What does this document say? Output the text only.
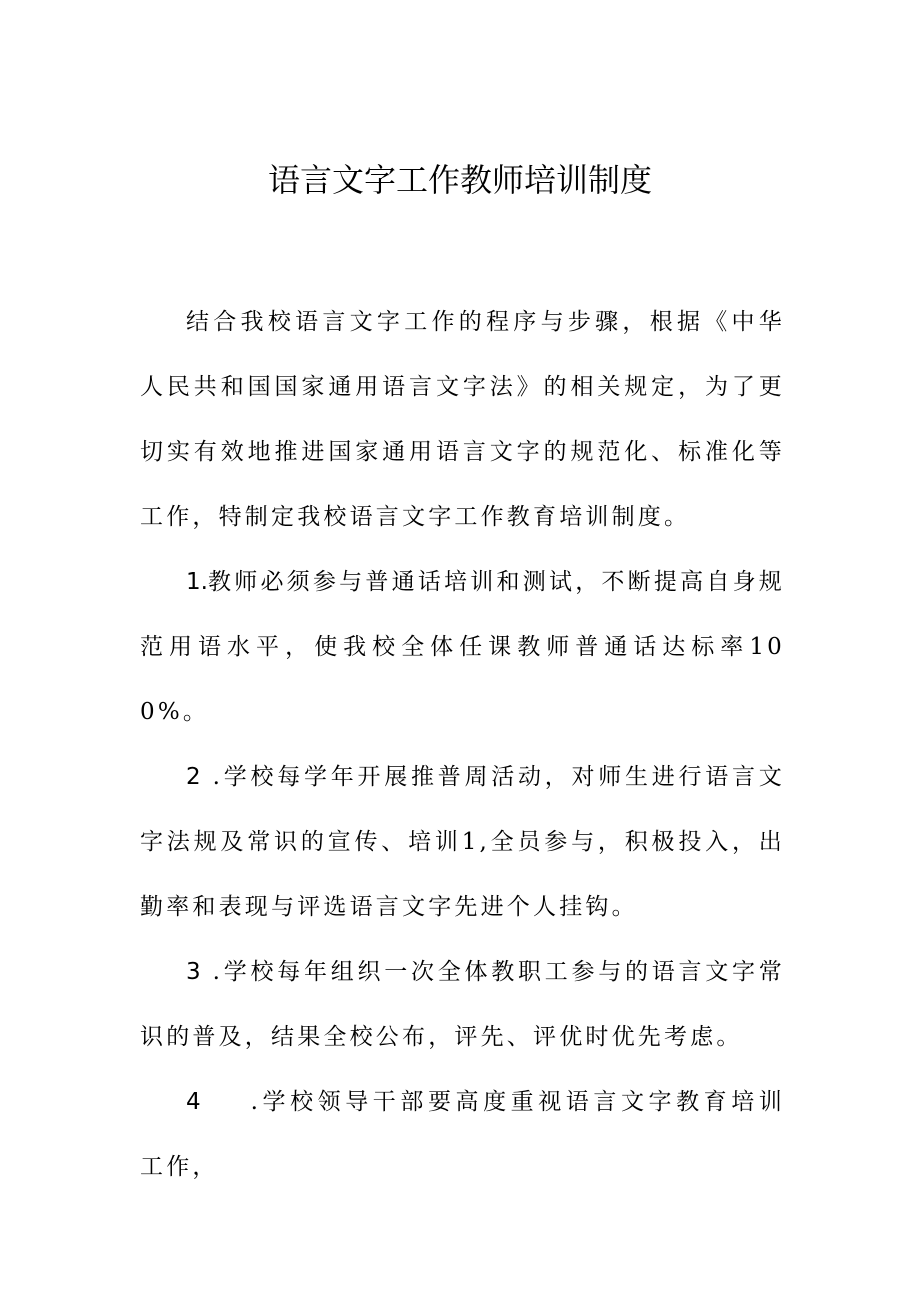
语言文字工作教师培训制度

结合我校语言文字工作的程序与步骤，根据《中华人民共和国国家通用语言文字法》的相关规定，为了更切实有效地推进国家通用语言文字的规范化、标准化等工作，特制定我校语言文字工作教育培训制度。

1.教师必须参与普通话培训和测试，不断提高自身规范用语水平，使我校全体任课教师普通话达标率100%。

2 .学校每学年开展推普周活动，对师生进行语言文字法规及常识的宣传、培训1,全员参与，积极投入，出勤率和表现与评选语言文字先进个人挂钩。

3 .学校每年组织一次全体教职工参与的语言文字常识的普及，结果全校公布，评先、评优时优先考虑。

4 .学校领导干部要高度重视语言文字教育培训工作，
